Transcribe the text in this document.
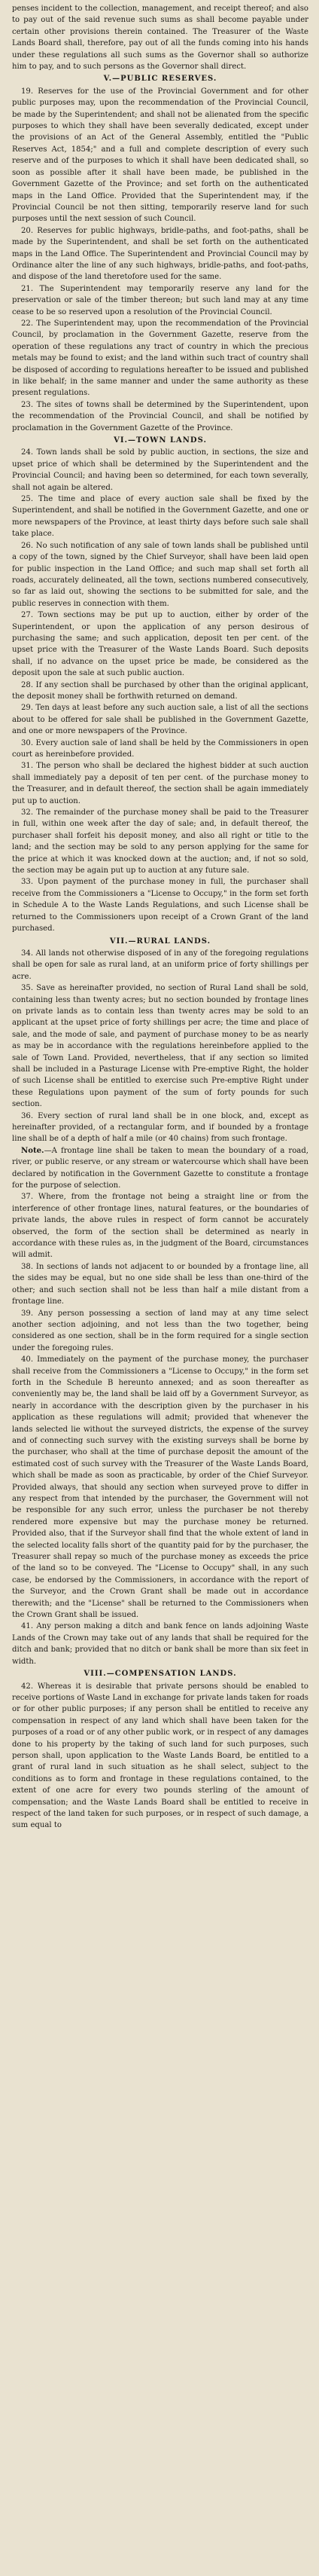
penses incident to the collection, management, and receipt thereof; and also to pay out of the said revenue such sums as shall become payable under certain other provisions therein contained. The Treasurer of the Waste Lands Board shall, therefore, pay out of all the funds coming into his hands under these regulations all such sums as the Governor shall so authorize him to pay, and to such persons as the Governor shall direct.

V.—PUBLIC RESERVES.

19. Reserves for the use of the Provincial Government and for other public purposes may, upon the recommendation of the Provincial Council, be made by the Superintendent; and shall not be alienated from the specific purposes to which they shall have been severally dedicated, except under the provisions of an Act of the General Assembly, entitled the "Public Reserves Act, 1854;" and a full and complete description of every such reserve and of the purposes to which it shall have been dedicated shall, so soon as possible after it shall have been made, be published in the Government Gazette of the Province; and set forth on the authenticated maps in the Land Office. Provided that the Superintendent may, if the Provincial Council be not then sitting, temporarily reserve land for such purposes until the next session of such Council.

20. Reserves for public highways, bridle-paths, and foot-paths, shall be made by the Superintendent, and shall be set forth on the authenticated maps in the Land Office. The Superintendent and Provincial Council may by Ordinance alter the line of any such highways, bridle-paths, and foot-paths, and dispose of the land theretofore used for the same.

21. The Superintendent may temporarily reserve any land for the preservation or sale of the timber thereon; but such land may at any time cease to be so reserved upon a resolution of the Provincial Council.

22. The Superintendent may, upon the recommendation of the Provincial Council, by proclamation in the Government Gazette, reserve from the operation of these regulations any tract of country in which the precious metals may be found to exist; and the land within such tract of country shall be disposed of according to regulations hereafter to be issued and published in like behalf; in the same manner and under the same authority as these present regulations.

23. The sites of towns shall be determined by the Superintendent, upon the recommendation of the Provincial Council, and shall be notified by proclamation in the Government Gazette of the Province.

VI.—TOWN LANDS.

24. Town lands shall be sold by public auction, in sections, the size and upset price of which shall be determined by the Superintendent and the Provincial Council; and having been so determined, for each town severally, shall not again be altered.

25. The time and place of every auction sale shall be fixed by the Superintendent, and shall be notified in the Government Gazette, and one or more newspapers of the Province, at least thirty days before such sale shall take place.

26. No such notification of any sale of town lands shall be published until a copy of the town, signed by the Chief Surveyor, shall have been laid open for public inspection in the Land Office; and such map shall set forth all roads, accurately delineated, all the town, sections numbered consecutively, so far as laid out, showing the sections to be submitted for sale, and the public reserves in connection with them.

27. Town sections may be put up to auction, either by order of the Superintendent, or upon the application of any person desirous of purchasing the same; and such application, deposit ten per cent. of the upset price with the Treasurer of the Waste Lands Board. Such deposits shall, if no advance on the upset price be made, be considered as the deposit upon the sale at such public auction.

28. If any section shall be purchased by other than the original applicant, the deposit money shall be forthwith returned on demand.

29. Ten days at least before any such auction sale, a list of all the sections about to be offered for sale shall be published in the Government Gazette, and one or more newspapers of the Province.

30. Every auction sale of land shall be held by the Commissioners in open court as hereinbefore provided.

31. The person who shall be declared the highest bidder at such auction shall immediately pay a deposit of ten per cent. of the purchase money to the Treasurer, and in default thereof, the section shall be again immediately put up to auction.

32. The remainder of the purchase money shall be paid to the Treasurer in full, within one week after the day of sale; and, in default thereof, the purchaser shall forfeit his deposit money, and also all right or title to the land; and the section may be sold to any person applying for the same for the price at which it was knocked down at the auction; and, if not so sold, the section may be again put up to auction at any future sale.

33. Upon payment of the purchase money in full, the purchaser shall receive from the Commissioners a "License to Occupy," in the form set forth in Schedule A to the Waste Lands Regulations, and such License shall be returned to the Commissioners upon receipt of a Crown Grant of the land purchased.

VII.—RURAL LANDS.

34. All lands not otherwise disposed of in any of the foregoing regulations shall be open for sale as rural land, at an uniform price of forty shillings per acre.

35. Save as hereinafter provided, no section of Rural Land shall be sold, containing less than twenty acres; but no section bounded by frontage lines on private lands as to contain less than twenty acres may be sold to an applicant at the upset price of forty shillings per acre; the time and place of sale, and the mode of sale, and payment of purchase money to be as nearly as may be in accordance with the regulations hereinbefore applied to the sale of Town Land. Provided, nevertheless, that if any section so limited shall be included in a Pasturage License with Pre-emptive Right, the holder of such License shall be entitled to exercise such Pre-emptive Right under these Regulations upon payment of the sum of forty pounds for such section.

36. Every section of rural land shall be in one block, and, except as hereinafter provided, of a rectangular form, and if bounded by a frontage line shall be of a depth of half a mile (or 40 chains) from such frontage.

Note.—A frontage line shall be taken to mean the boundary of a road, river, or public reserve, or any stream or watercourse which shall have been declared by notification in the Government Gazette to constitute a frontage for the purpose of selection.

37. Where, from the frontage not being a straight line or from the interference of other frontage lines, natural features, or the boundaries of private lands, the above rules in respect of form cannot be accurately observed, the form of the section shall be determined as nearly in accordance with these rules as, in the judgment of the Board, circumstances will admit.

38. In sections of lands not adjacent to or bounded by a frontage line, all the sides may be equal, but no one side shall be less than one-third of the other; and such section shall not be less than half a mile distant from a frontage line.

39. Any person possessing a section of land may at any time select another section adjoining, and not less than the two together, being considered as one section, shall be in the form required for a single section under the foregoing rules.

40. Immediately on the payment of the purchase money, the purchaser shall receive from the Commissioners a "License to Occupy," in the form set forth in the Schedule B hereunto annexed; and as soon thereafter as conveniently may be, the land shall be laid off by a Government Surveyor, as nearly in accordance with the description given by the purchaser in his application as these regulations will admit; provided that whenever the lands selected lie without the surveyed districts, the expense of the survey and of connecting such survey with the existing surveys shall be borne by the purchaser, who shall at the time of purchase deposit the amount of the estimated cost of such survey with the Treasurer of the Waste Lands Board, which shall be made as soon as practicable, by order of the Chief Surveyor. Provided always, that should any section when surveyed prove to differ in any respect from that intended by the purchaser, the Government will not be responsible for any such error, unless the purchaser be not thereby rendered more expensive but may the purchase money be returned. Provided also, that if the Surveyor shall find that the whole extent of land in the selected locality falls short of the quantity paid for by the purchaser, the Treasurer shall repay so much of the purchase money as exceeds the price of the land so to be conveyed. The "License to Occupy" shall, in any such case, be endorsed by the Commissioners, in accordance with the report of the Surveyor, and the Crown Grant shall be made out in accordance therewith; and the "License" shall be returned to the Commissioners when the Crown Grant shall be issued.

41. Any person making a ditch and bank fence on lands adjoining Waste Lands of the Crown may take out of any lands that shall be required for the ditch and bank; provided that no ditch or bank shall be more than six feet in width.

VIII.—COMPENSATION LANDS.

42. Whereas it is desirable that private persons should be enabled to receive portions of Waste Land in exchange for private lands taken for roads or for other public purposes; if any person shall be entitled to receive any compensation in respect of any land which shall have been taken for the purposes of a road or of any other public work, or in respect of any damages done to his property by the taking of such land for such purposes, such person shall, upon application to the Waste Lands Board, be entitled to a grant of rural land in such situation as he shall select, subject to the conditions as to form and frontage in these regulations contained, to the extent of one acre for every two pounds sterling of the amount of compensation; and the Waste Lands Board shall be entitled to receive in respect of the land taken for such purposes, or in respect of such damage, a sum equal to
